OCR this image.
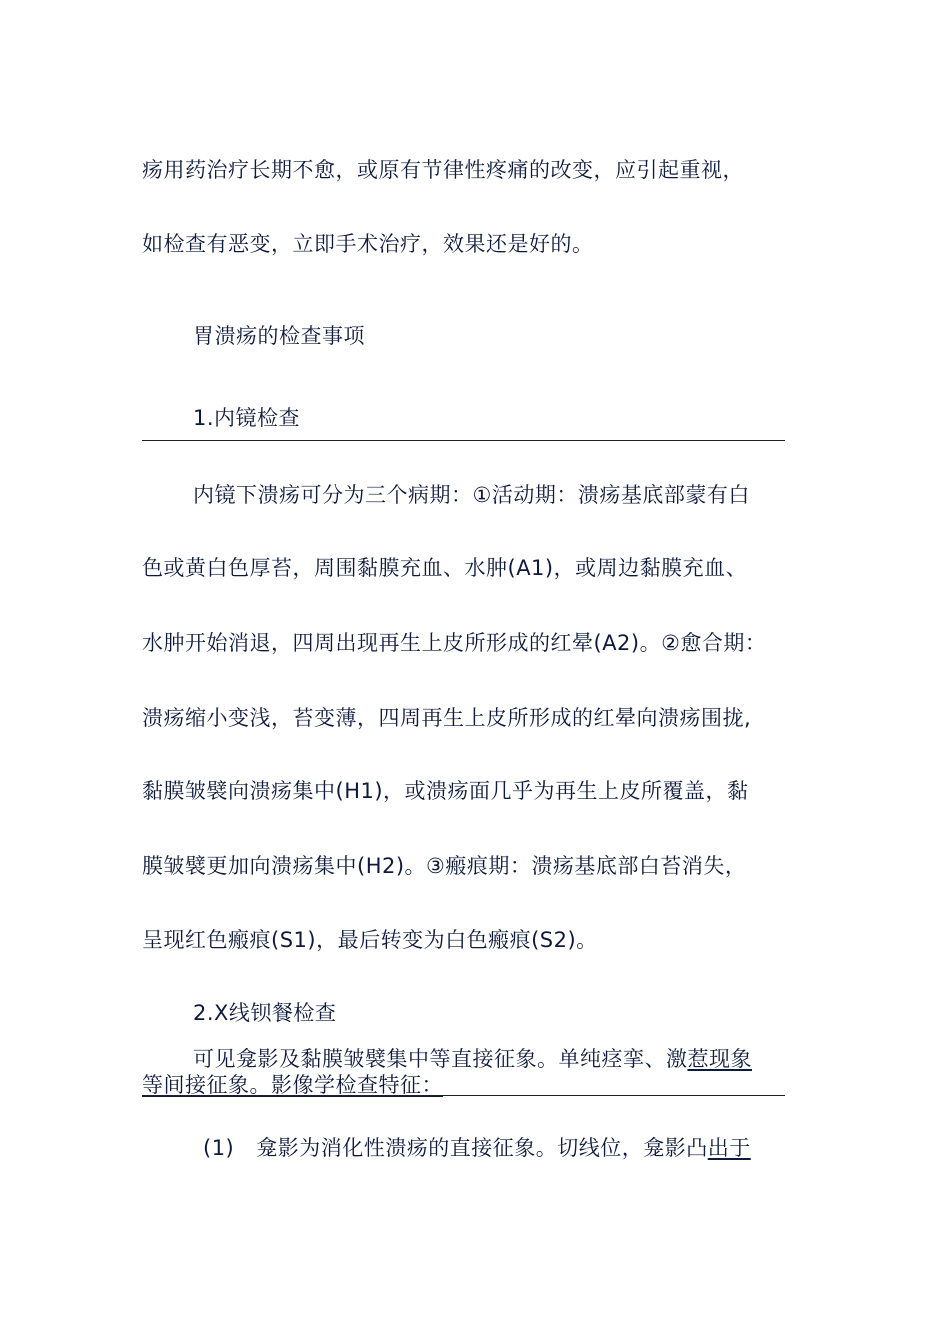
疡用药治疗长期不愈，或原有节律性疼痛的改变，应引起重视，
如检查有恶变，立即手术治疗，效果还是好的。
胃溃疡的检查事项
1.内镜检查
内镜下溃疡可分为三个病期：①活动期：溃疡基底部蒙有白
色或黄白色厚苔，周围黏膜充血、水肿(A1)，或周边黏膜充血、
水肿开始消退，四周出现再生上皮所形成的红晕(A2)。②愈合期：
溃疡缩小变浅，苔变薄，四周再生上皮所形成的红晕向溃疡围拢,
黏膜皱襞向溃疡集中(H1)，或溃疡面几乎为再生上皮所覆盖，黏
膜皱襞更加向溃疡集中(H2)。③瘢痕期：溃疡基底部白苔消失，
呈现红色瘢痕(S1)，最后转变为白色瘢痕(S2)。
2.X线钡餐检查
可见龛影及黏膜皱襞集中等直接征象。单纯痉挛、激惹现象
等间接征象。影像学检查特征：
(1) 龛影为消化性溃疡的直接征象。切线位，龛影凸出于
